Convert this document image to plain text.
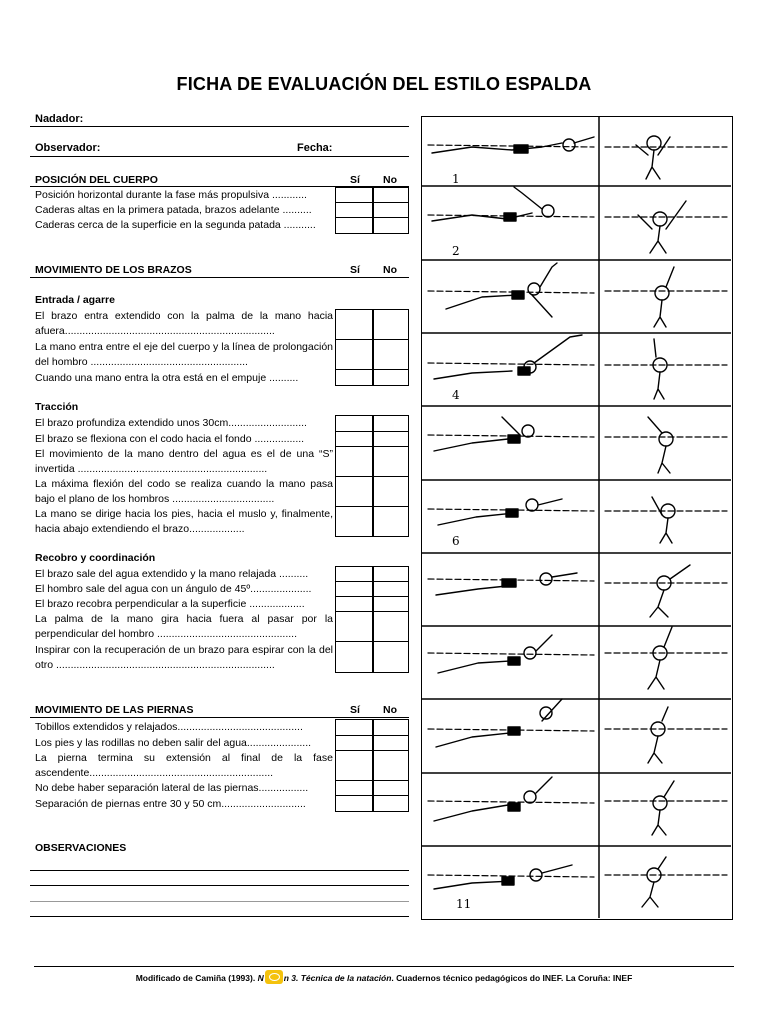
FICHA DE EVALUACIÓN DEL ESTILO ESPALDA
Nadador:
Observador:	Fecha:
POSICIÓN DEL CUERPO	Sí	No
Posición horizontal durante la fase más propulsiva ............
Caderas altas en la primera patada, brazos adelante ..........
Caderas cerca de la superficie en la segunda patada ...........
MOVIMIENTO DE LOS BRAZOS	Sí	No
Entrada / agarre
El brazo entra extendido con la palma de la mano hacia afuera........................................................................
La mano entra entre el eje del cuerpo y la línea de prolongación del hombro ......................................................
Cuando una mano entra la otra está en el empuje ..........
Tracción
El brazo profundiza extendido unos 30cm...........................
El brazo se flexiona con el codo hacia el fondo .................
El movimiento de la mano dentro del agua es el de una “S” invertida .................................................................
La máxima flexión del codo se realiza cuando la mano pasa bajo el plano de los hombros ...................................
La mano se dirige hacia los pies, hacia el muslo y, finalmente, hacia abajo extendiendo el brazo...................
Recobro y coordinación
El brazo sale del agua extendido y la mano relajada ..........
El hombro sale del agua con un ángulo de 45º.....................
El brazo recobra perpendicular a la superficie ...................
La palma de la mano gira hacia fuera al pasar por la perpendicular del hombro ................................................
Inspirar con la recuperación de un brazo para espirar con la del otro ...........................................................................
MOVIMIENTO DE LAS PIERNAS	Sí	No
Tobillos extendidos y relajados...........................................
Los pies y las rodillas no deben salir del agua......................
La pierna termina su extensión al final de la fase ascendente...............................................................
No debe haber separación lateral de las piernas.................
Separación de piernas entre 30 y 50 cm.............................
OBSERVACIONES
1
2
4
6
11
Modificado de Camiña (1993). N n 3. Técnica de la natación. Cuadernos técnico pedagógicos do INEF. La Coruña: INEF
